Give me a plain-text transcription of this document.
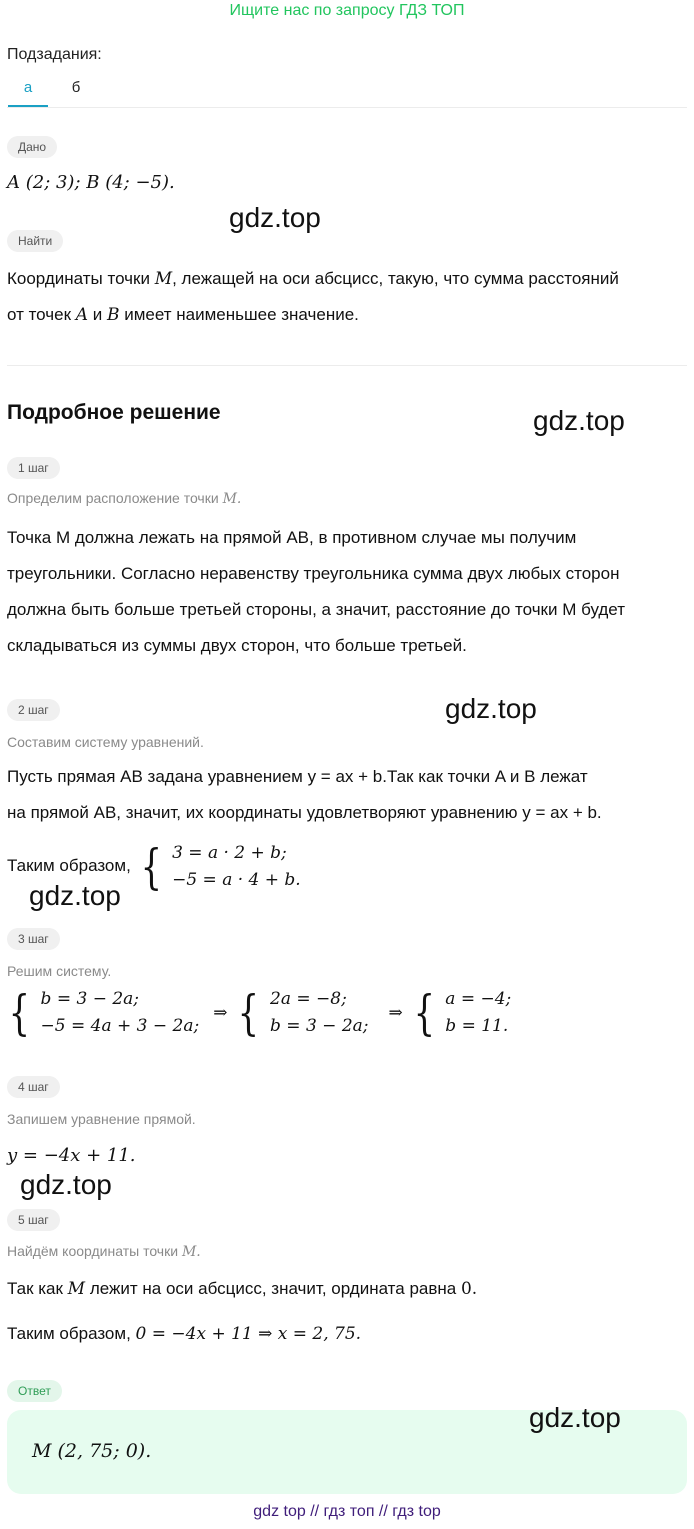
Ищите нас по запросу ГДЗ ТОП
Подзадания:
а	б
Дано
A (2; 3); B (4; −5).
gdz.top
Найти
Координаты точки M, лежащей на оси абсцисс, такую, что сумма расстояний
от точек A и B имеет наименьшее значение.
Подробное решение	gdz.top
1 шаг
Определим расположение точки M.
Точка M должна лежать на прямой AB, в противном случае мы получим
треугольники. Согласно неравенству треугольника сумма двух любых сторон
должна быть больше третьей стороны, а значит, расстояние до точки M будет
складываться из суммы двух сторон, что больше третьей.
2 шаг	gdz.top
Составим систему уравнений.
Пусть прямая AB задана уравнением y = ax + b.Так как точки A и B лежат
на прямой AB, значит, их координаты удовлетворяют уравнению y = ax + b.
Таким образом, { 3 = a · 2 + b;
−5 = a · 4 + b.
gdz.top
3 шаг
Решим систему.
{ b = 3 − 2a;
−5 = 4a + 3 − 2a;
⇒ { 2a = −8;
b = 3 − 2a;
⇒ { a = −4;
b = 11.
4 шаг
Запишем уравнение прямой.
y = −4x + 11.
gdz.top
5 шаг
Найдём координаты точки M.
Так как M лежит на оси абсцисс, значит, ордината равна 0.
Таким образом, 0 = −4x + 11 ⇒ x = 2, 75.
Ответ
M (2, 75; 0).
gdz.top
gdz top // гдз топ // гдз top
